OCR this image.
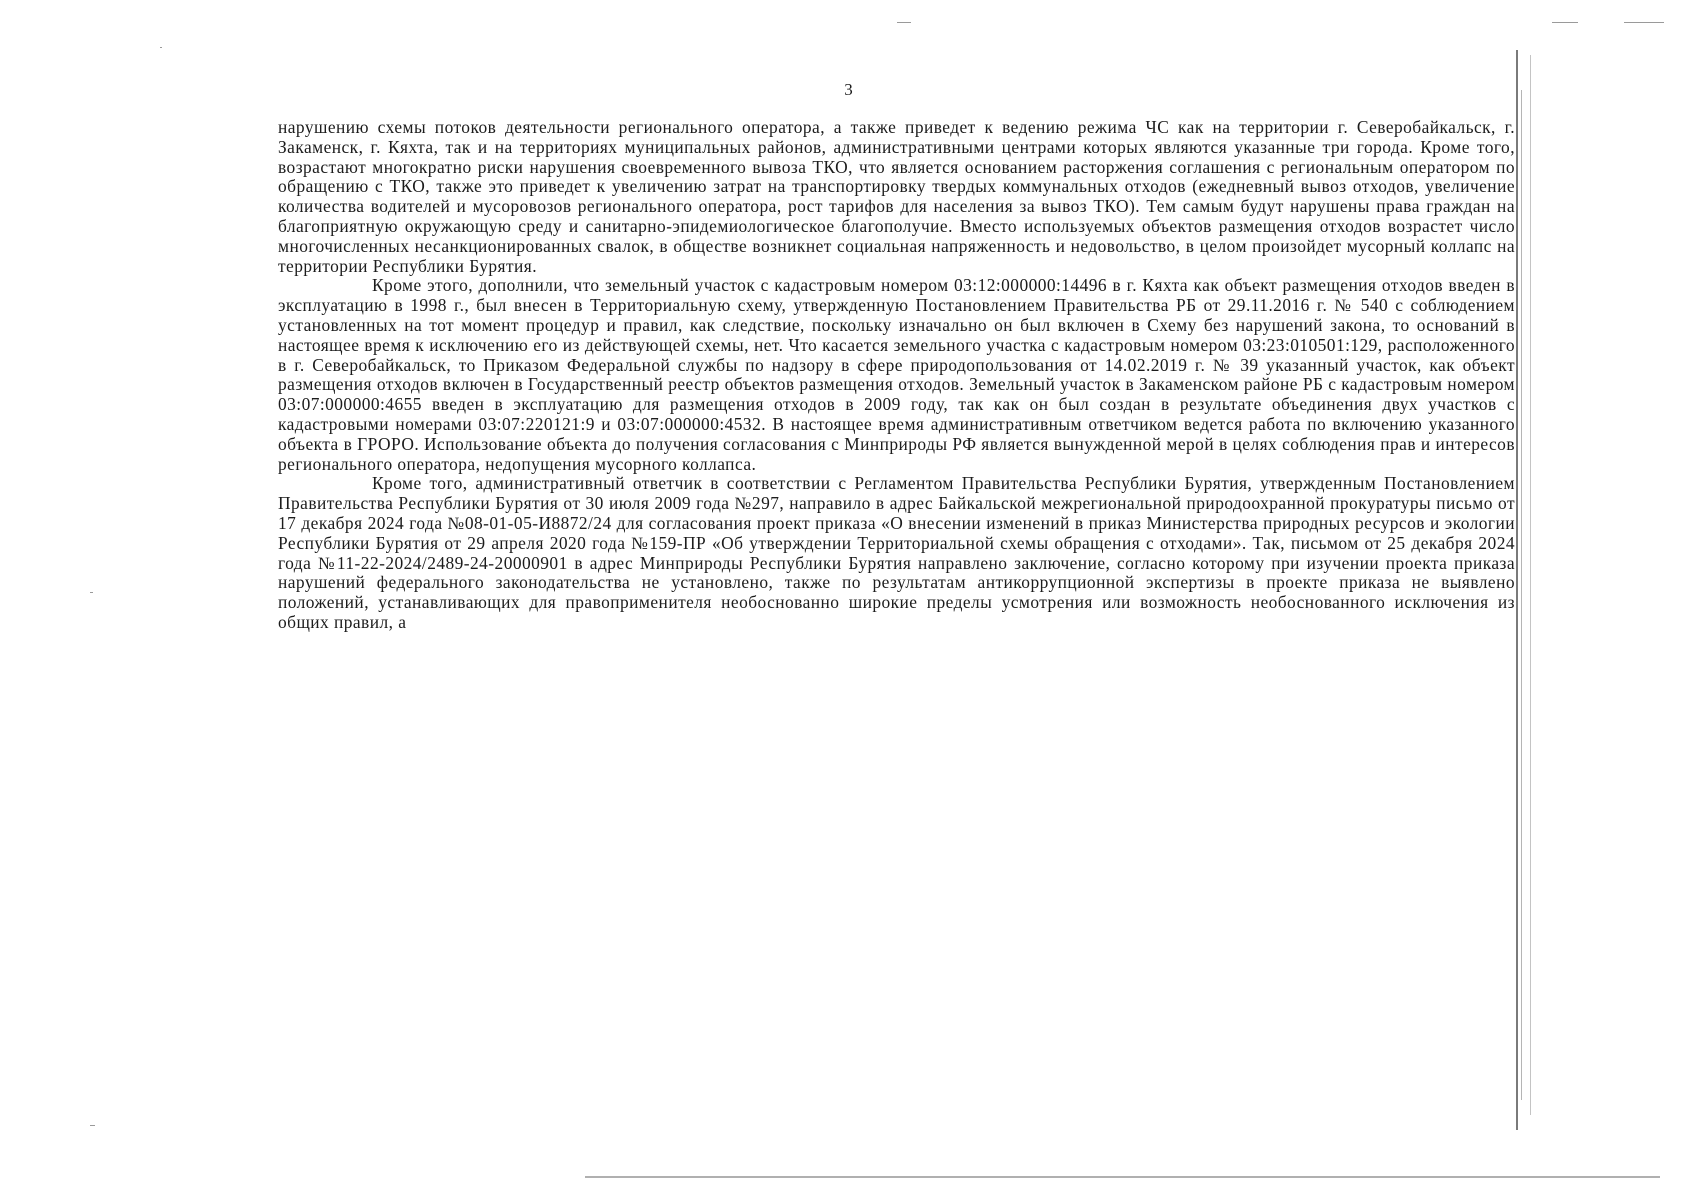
3

нарушению схемы потоков деятельности регионального оператора, а также приведет к ведению режима ЧС как на территории г. Северобайкальск, г. Закаменск, г. Кяхта, так и на территориях муниципальных районов, административными центрами которых являются указанные три города. Кроме того, возрастают многократно риски нарушения своевременного вывоза ТКО, что является основанием расторжения соглашения с региональным оператором по обращению с ТКО, также это приведет к увеличению затрат на транспортировку твердых коммунальных отходов (ежедневный вывоз отходов, увеличение количества водителей и мусоровозов регионального оператора, рост тарифов для населения за вывоз ТКО). Тем самым будут нарушены права граждан на благоприятную окружающую среду и санитарно-эпидемиологическое благополучие. Вместо используемых объектов размещения отходов возрастет число многочисленных несанкционированных свалок, в обществе возникнет социальная напряженность и недовольство, в целом произойдет мусорный коллапс на территории Республики Бурятия.

Кроме этого, дополнили, что земельный участок с кадастровым номером 03:12:000000:14496 в г. Кяхта как объект размещения отходов введен в эксплуатацию в 1998 г., был внесен в Территориальную схему, утвержденную Постановлением Правительства РБ от 29.11.2016 г. № 540 с соблюдением установленных на тот момент процедур и правил, как следствие, поскольку изначально он был включен в Схему без нарушений закона, то оснований в настоящее время к исключению его из действующей схемы, нет. Что касается земельного участка с кадастровым номером 03:23:010501:129, расположенного в г. Северобайкальск, то Приказом Федеральной службы по надзору в сфере природопользования от 14.02.2019 г. № 39 указанный участок, как объект размещения отходов включен в Государственный реестр объектов размещения отходов. Земельный участок в Закаменском районе РБ с кадастровым номером 03:07:000000:4655 введен в эксплуатацию для размещения отходов в 2009 году, так как он был создан в результате объединения двух участков с кадастровыми номерами 03:07:220121:9 и 03:07:000000:4532. В настоящее время административным ответчиком ведется работа по включению указанного объекта в ГРОРО. Использование объекта до получения согласования с Минприроды РФ является вынужденной мерой в целях соблюдения прав и интересов регионального оператора, недопущения мусорного коллапса.

Кроме того, административный ответчик в соответствии с Регламентом Правительства Республики Бурятия, утвержденным Постановлением Правительства Республики Бурятия от 30 июля 2009 года №297, направило в адрес Байкальской межрегиональной природоохранной прокуратуры письмо от 17 декабря 2024 года №08-01-05-И8872/24 для согласования проект приказа «О внесении изменений в приказ Министерства природных ресурсов и экологии Республики Бурятия от 29 апреля 2020 года №159-ПР «Об утверждении Территориальной схемы обращения с отходами». Так, письмом от 25 декабря 2024 года №11-22-2024/2489-24-20000901 в адрес Минприроды Республики Бурятия направлено заключение, согласно которому при изучении проекта приказа нарушений федерального законодательства не установлено, также по результатам антикоррупционной экспертизы в проекте приказа не выявлено положений, устанавливающих для правоприменителя необоснованно широкие пределы усмотрения или возможность необоснованного исключения из общих правил, а
